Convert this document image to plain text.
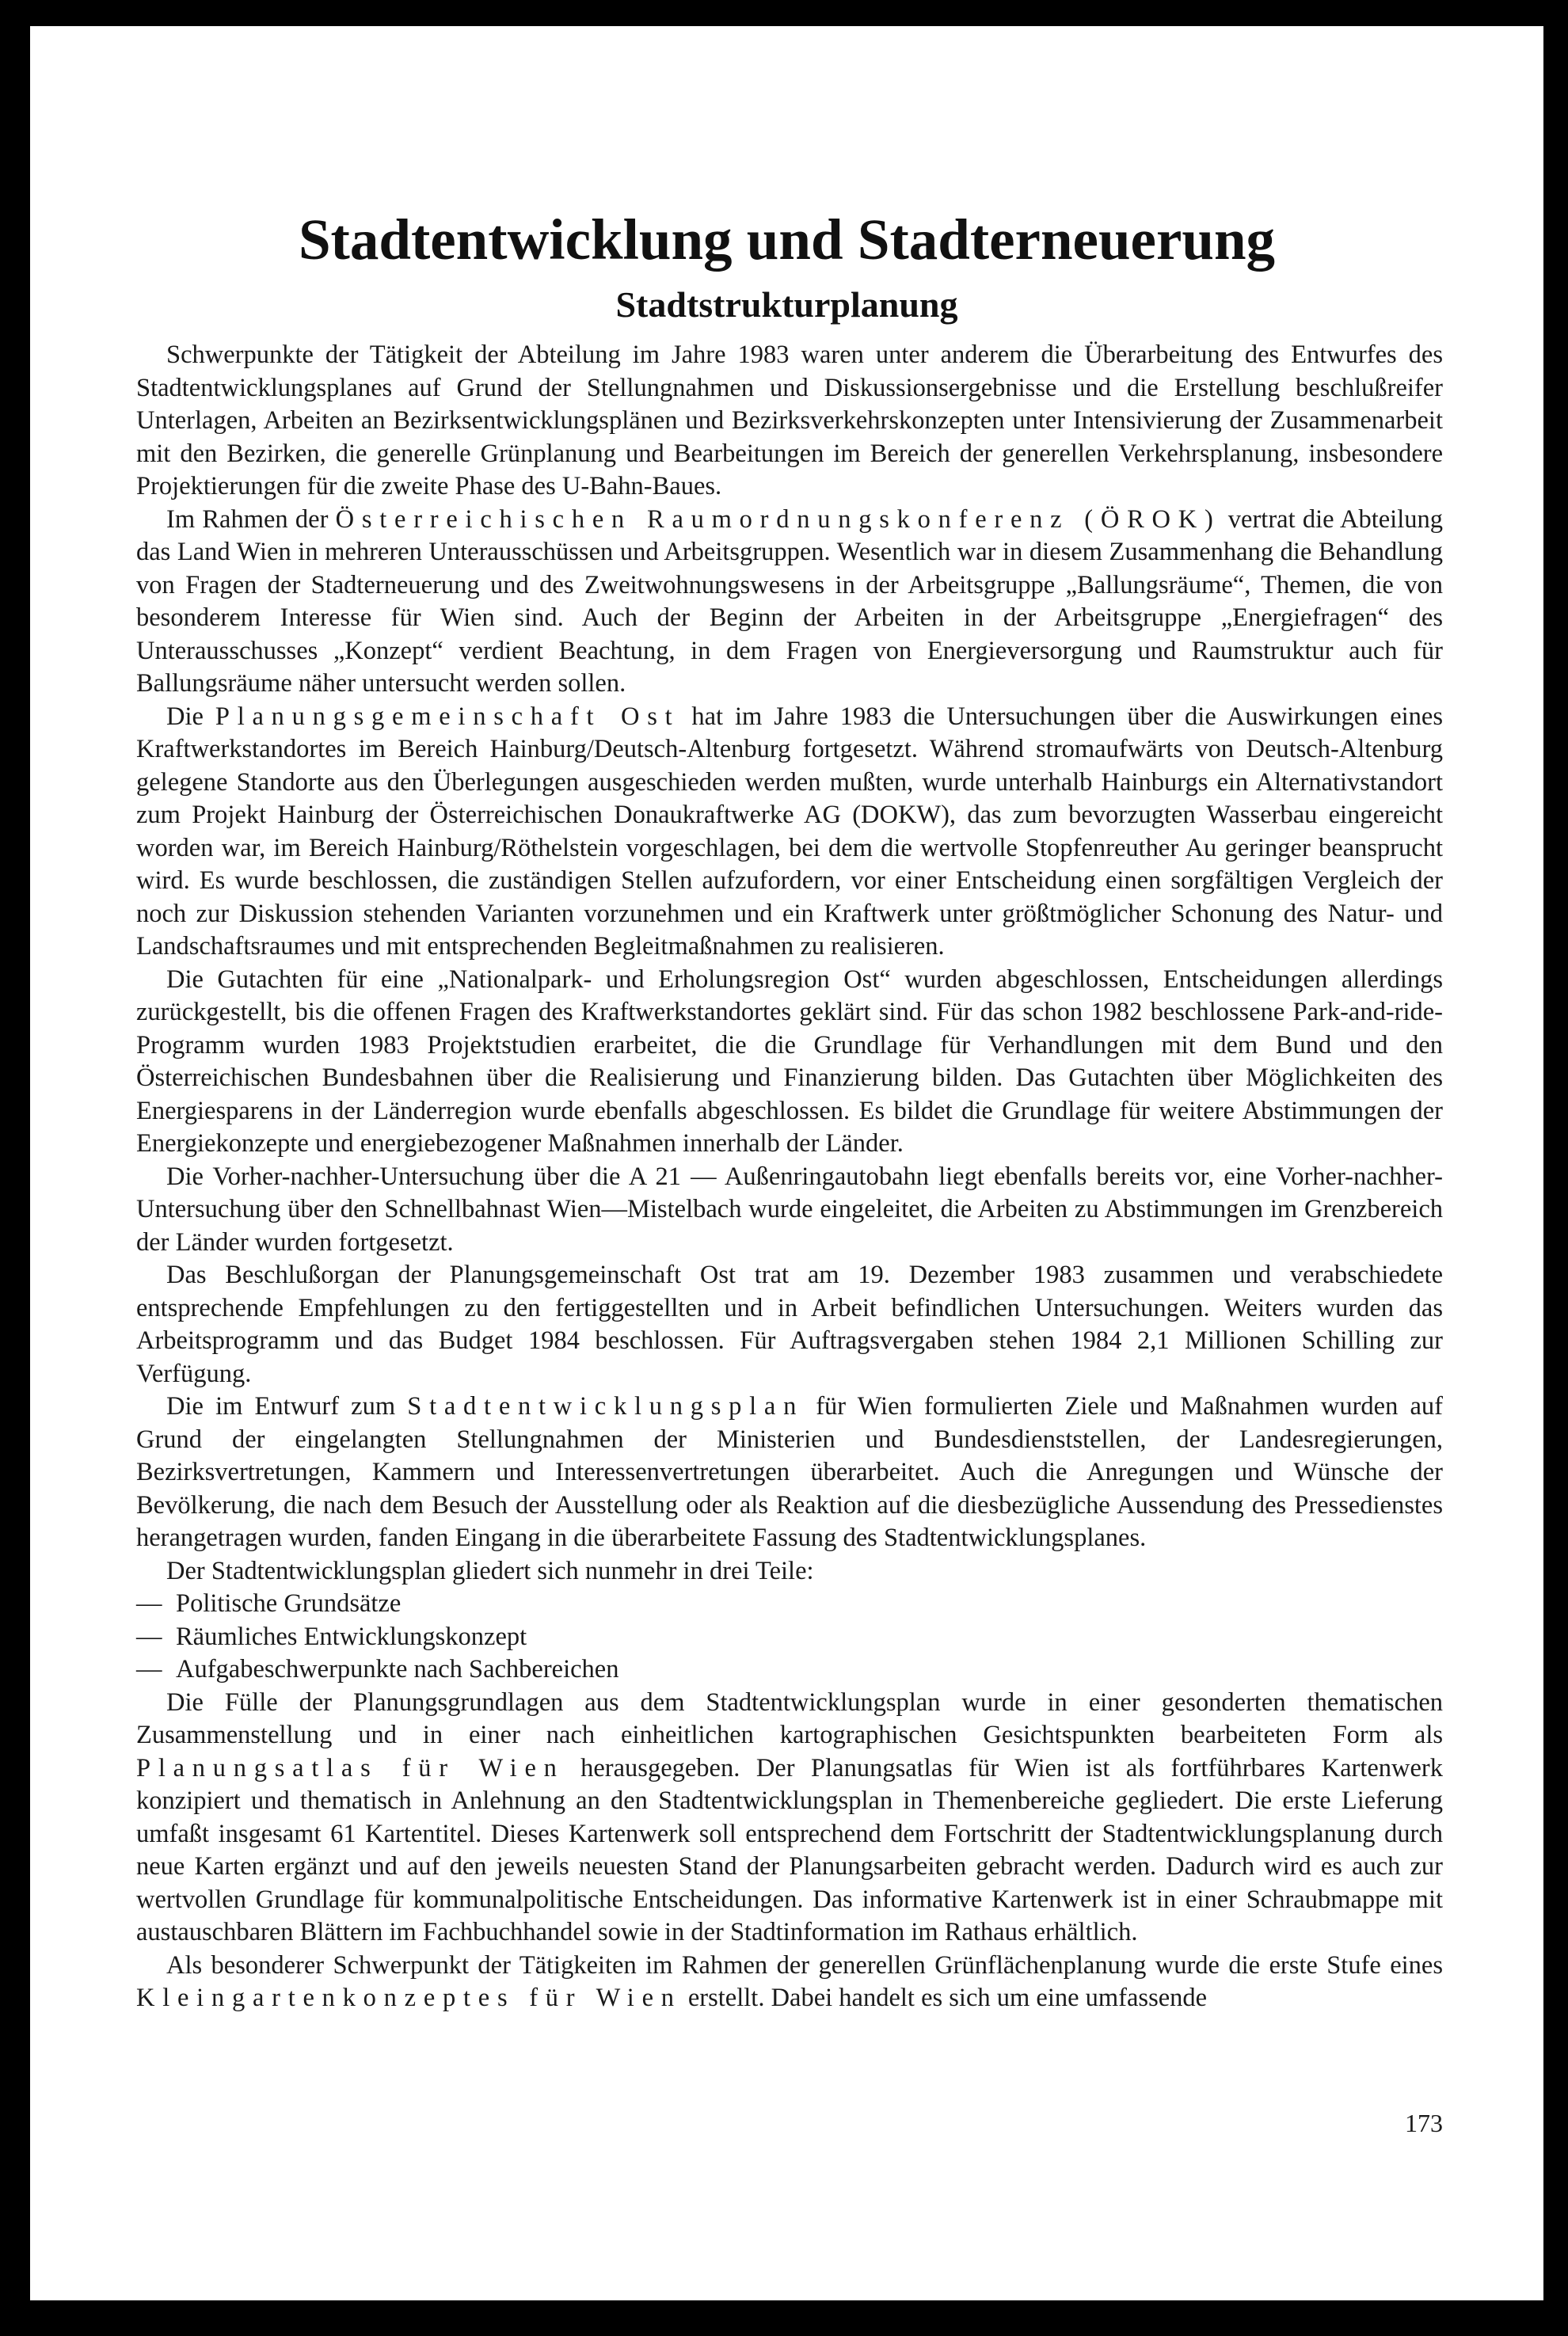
Stadtentwicklung und Stadterneuerung
Stadtstrukturplanung

Schwerpunkte der Tätigkeit der Abteilung im Jahre 1983 waren unter anderem die Überarbeitung des Entwurfes des Stadtentwicklungsplanes auf Grund der Stellungnahmen und Diskussionsergebnisse und die Erstellung beschlußreifer Unterlagen, Arbeiten an Bezirksentwicklungsplänen und Bezirksverkehrskonzepten unter Intensivierung der Zusammenarbeit mit den Bezirken, die generelle Grünplanung und Bearbeitungen im Bereich der generellen Verkehrsplanung, insbesondere Projektierungen für die zweite Phase des U-Bahn-Baues.

Im Rahmen der Österreichischen Raumordnungskonferenz (ÖROK) vertrat die Abteilung das Land Wien in mehreren Unterausschüssen und Arbeitsgruppen. Wesentlich war in diesem Zusammenhang die Behandlung von Fragen der Stadterneuerung und des Zweitwohnungswesens in der Arbeitsgruppe „Ballungsräume“, Themen, die von besonderem Interesse für Wien sind. Auch der Beginn der Arbeiten in der Arbeitsgruppe „Energiefragen“ des Unterausschusses „Konzept“ verdient Beachtung, in dem Fragen von Energieversorgung und Raumstruktur auch für Ballungsräume näher untersucht werden sollen.

Die Planungsgemeinschaft Ost hat im Jahre 1983 die Untersuchungen über die Auswirkungen eines Kraftwerkstandortes im Bereich Hainburg/Deutsch-Altenburg fortgesetzt. Während stromaufwärts von Deutsch-Altenburg gelegene Standorte aus den Überlegungen ausgeschieden werden mußten, wurde unterhalb Hainburgs ein Alternativstandort zum Projekt Hainburg der Österreichischen Donaukraftwerke AG (DOKW), das zum bevorzugten Wasserbau eingereicht worden war, im Bereich Hainburg/Röthelstein vorgeschlagen, bei dem die wertvolle Stopfenreuther Au geringer beansprucht wird. Es wurde beschlossen, die zuständigen Stellen aufzufordern, vor einer Entscheidung einen sorgfältigen Vergleich der noch zur Diskussion stehenden Varianten vorzunehmen und ein Kraftwerk unter größtmöglicher Schonung des Natur- und Landschaftsraumes und mit entsprechenden Begleitmaßnahmen zu realisieren.

Die Gutachten für eine „Nationalpark- und Erholungsregion Ost“ wurden abgeschlossen, Entscheidungen allerdings zurückgestellt, bis die offenen Fragen des Kraftwerkstandortes geklärt sind. Für das schon 1982 beschlossene Park-and-ride-Programm wurden 1983 Projektstudien erarbeitet, die die Grundlage für Verhandlungen mit dem Bund und den Österreichischen Bundesbahnen über die Realisierung und Finanzierung bilden. Das Gutachten über Möglichkeiten des Energiesparens in der Länderregion wurde ebenfalls abgeschlossen. Es bildet die Grundlage für weitere Abstimmungen der Energiekonzepte und energiebezogener Maßnahmen innerhalb der Länder.

Die Vorher-nachher-Untersuchung über die A 21 — Außenringautobahn liegt ebenfalls bereits vor, eine Vorher-nachher-Untersuchung über den Schnellbahnast Wien—Mistelbach wurde eingeleitet, die Arbeiten zu Abstimmungen im Grenzbereich der Länder wurden fortgesetzt.

Das Beschlußorgan der Planungsgemeinschaft Ost trat am 19. Dezember 1983 zusammen und verabschiedete entsprechende Empfehlungen zu den fertiggestellten und in Arbeit befindlichen Untersuchungen. Weiters wurden das Arbeitsprogramm und das Budget 1984 beschlossen. Für Auftragsvergaben stehen 1984 2,1 Millionen Schilling zur Verfügung.

Die im Entwurf zum Stadtentwicklungsplan für Wien formulierten Ziele und Maßnahmen wurden auf Grund der eingelangten Stellungnahmen der Ministerien und Bundesdienststellen, der Landesregierungen, Bezirksvertretungen, Kammern und Interessenvertretungen überarbeitet. Auch die Anregungen und Wünsche der Bevölkerung, die nach dem Besuch der Ausstellung oder als Reaktion auf die diesbezügliche Aussendung des Pressedienstes herangetragen wurden, fanden Eingang in die überarbeitete Fassung des Stadtentwicklungsplanes.

Der Stadtentwicklungsplan gliedert sich nunmehr in drei Teile:

— Politische Grundsätze
— Räumliches Entwicklungskonzept
— Aufgabeschwerpunkte nach Sachbereichen

Die Fülle der Planungsgrundlagen aus dem Stadtentwicklungsplan wurde in einer gesonderten thematischen Zusammenstellung und in einer nach einheitlichen kartographischen Gesichtspunkten bearbeiteten Form als Planungsatlas für Wien herausgegeben. Der Planungsatlas für Wien ist als fortführbares Kartenwerk konzipiert und thematisch in Anlehnung an den Stadtentwicklungsplan in Themenbereiche gegliedert. Die erste Lieferung umfaßt insgesamt 61 Kartentitel. Dieses Kartenwerk soll entsprechend dem Fortschritt der Stadtentwicklungsplanung durch neue Karten ergänzt und auf den jeweils neuesten Stand der Planungsarbeiten gebracht werden. Dadurch wird es auch zur wertvollen Grundlage für kommunalpolitische Entscheidungen. Das informative Kartenwerk ist in einer Schraubmappe mit austauschbaren Blättern im Fachbuchhandel sowie in der Stadtinformation im Rathaus erhältlich.

Als besonderer Schwerpunkt der Tätigkeiten im Rahmen der generellen Grünflächenplanung wurde die erste Stufe eines Kleingartenkonzeptes für Wien erstellt. Dabei handelt es sich um eine umfassende

173
